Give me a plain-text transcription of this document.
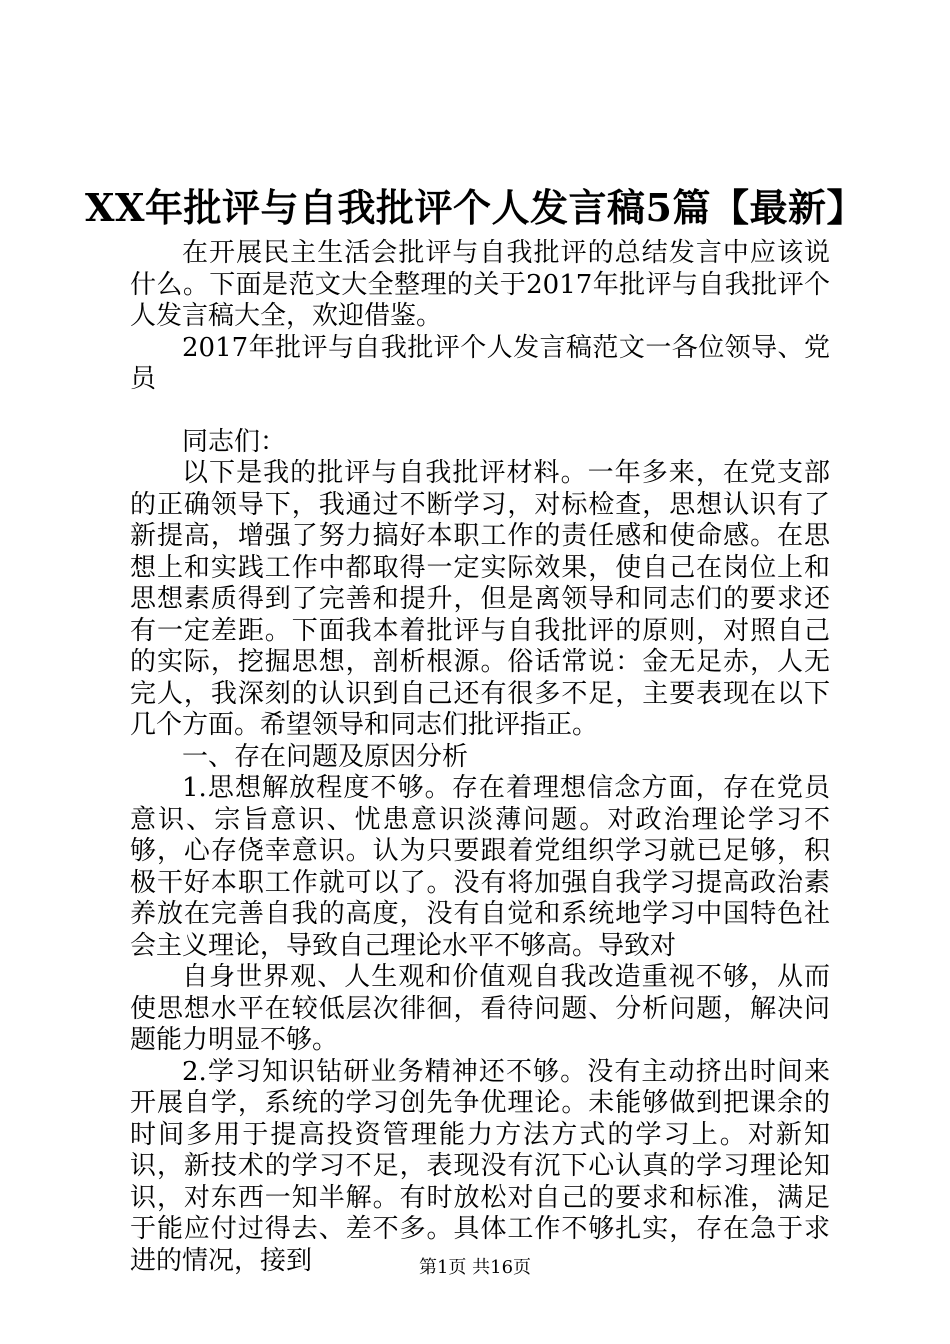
XX年批评与自我批评个人发言稿5篇【最新】

在开展民主生活会批评与自我批评的总结发言中应该说什么。下面是范文大全整理的关于2017年批评与自我批评个人发言稿大全，欢迎借鉴。

2017年批评与自我批评个人发言稿范文一各位领导、党员

同志们：

以下是我的批评与自我批评材料。一年多来，在党支部的正确领导下，我通过不断学习，对标检查，思想认识有了新提高，增强了努力搞好本职工作的责任感和使命感。在思想上和实践工作中都取得一定实际效果，使自己在岗位上和思想素质得到了完善和提升，但是离领导和同志们的要求还有一定差距。下面我本着批评与自我批评的原则，对照自己的实际，挖掘思想，剖析根源。俗话常说：金无足赤，人无完人，我深刻的认识到自己还有很多不足，主要表现在以下几个方面。希望领导和同志们批评指正。

一、存在问题及原因分析

1.思想解放程度不够。存在着理想信念方面，存在党员意识、宗旨意识、忧患意识淡薄问题。对政治理论学习不够，心存侥幸意识。认为只要跟着党组织学习就已足够，积极干好本职工作就可以了。没有将加强自我学习提高政治素养放在完善自我的高度，没有自觉和系统地学习中国特色社会主义理论，导致自己理论水平不够高。导致对

自身世界观、人生观和价值观自我改造重视不够，从而使思想水平在较低层次徘徊，看待问题、分析问题，解决问题能力明显不够。

2.学习知识钻研业务精神还不够。没有主动挤出时间来开展自学，系统的学习创先争优理论。未能够做到把课余的时间多用于提高投资管理能力方法方式的学习上。对新知识，新技术的学习不足，表现没有沉下心认真的学习理论知识，对东西一知半解。有时放松对自己的要求和标准，满足于能应付过得去、差不多。具体工作不够扎实，存在急于求进的情况，接到	第1页 共16页
